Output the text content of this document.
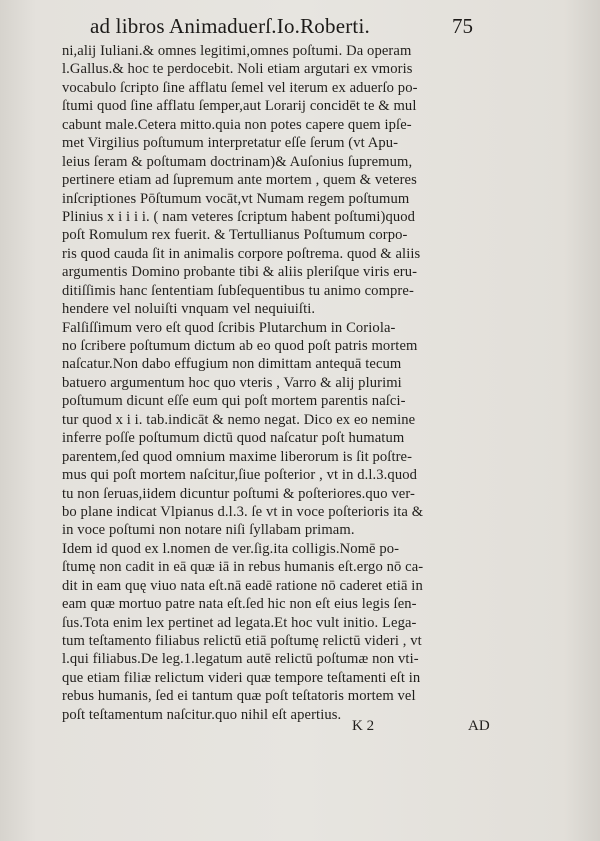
ad libros Animaduerſ.Io.Roberti.	75
ni,alij Iuliani.& omnes legitimi,omnes poſtumi. Da operam
l.Gallus.& hoc te perdocebit. Noli etiam argutari ex vmoris
vocabulo ſcripto ſine afflatu ſemel vel iterum ex aduerſo po-
ſtumi quod ſine afflatu ſemper,aut Lorarij concidēt te & mul
cabunt male.Cetera mitto.quia non potes capere quem ipſe-
met Virgilius poſtumum interpretatur eſſe ſerum (vt Apu-
leius ſeram & poſtumam doctrinam)& Auſonius ſupremum,
pertinere etiam ad ſupremum ante mortem , quem & veteres
inſcriptiones Pōſtumum vocāt,vt Numam regem poſtumum
Plinius x i i i i. ( nam veteres ſcriptum habent poſtumi)quod
poſt Romulum rex fuerit. & Tertullianus Poſtumum corpo-
ris quod cauda ſit in animalis corpore poſtrema. quod & aliis
argumentis Domino probante tibi & aliis pleriſque viris eru-
ditiſſimis hanc ſententiam ſubſequentibus tu animo compre-
hendere vel noluiſti vnquam vel nequiuiſti.
Falſiſſimum vero eſt quod ſcribis Plutarchum in Coriola-
no ſcribere poſtumum dictum ab eo quod poſt patris mortem
naſcatur.Non dabo effugium non dimittam antequā tecum
batuero argumentum hoc quo vteris , Varro & alij plurimi
poſtumum dicunt eſſe eum qui poſt mortem parentis naſci-
tur quod x i i. tab.indicāt & nemo negat. Dico ex eo nemine
inferre poſſe poſtumum dictū quod naſcatur poſt humatum
parentem,ſed quod omnium maxime liberorum is ſit poſtre-
mus qui poſt mortem naſcitur,ſiue poſterior , vt in d.l.3.quod
tu non ſeruas,iidem dicuntur poſtumi & poſteriores.quo ver-
bo plane indicat Vlpianus d.l.3. ſe vt in voce poſterioris ita &
in voce poſtumi non notare niſi ſyllabam primam.
Idem id quod ex l.nomen de ver.ſig.ita colligis.Nomē po-
ſtumę non cadit in eā quæ iā in rebus humanis eſt.ergo nō ca-
dit in eam quę viuo nata eſt.nā eadē ratione nō caderet etiā in
eam quæ mortuo patre nata eſt.ſed hic non eſt eius legis ſen-
ſus.Tota enim lex pertinet ad legata.Et hoc vult initio. Lega-
tum teſtamento filiabus relictū etiā poſtumę relictū videri , vt
l.qui filiabus.De leg.1.legatum autē relictū poſtumæ non vti-
que etiam filiæ relictum videri quæ tempore teſtamenti eſt in
rebus humanis, ſed ei tantum quæ poſt teſtatoris mortem vel
poſt teſtamentum naſcitur.quo nihil eſt apertius.
K 2	AD
